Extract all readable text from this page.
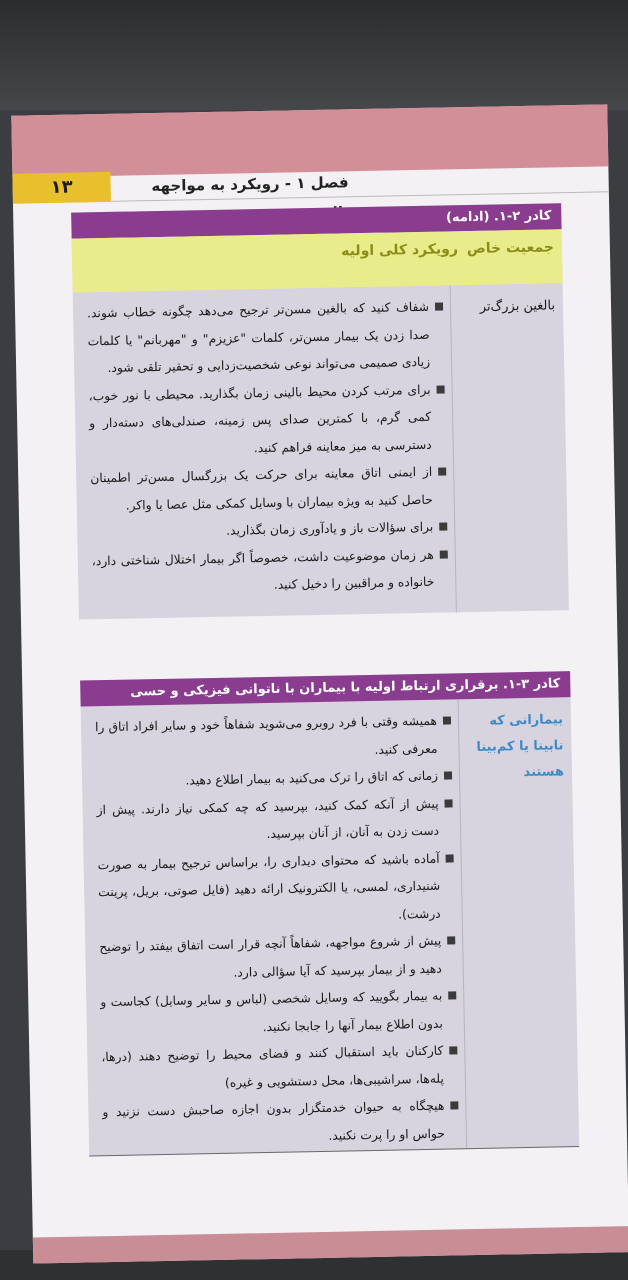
۱۳	فصل ۱ - رویکرد به مواجهه
کادر ۲-۱. (ادامه)
جمعیت خاص
رویکرد کلی اولیه
بالغین بزرگ‌تر
شفاف کنید که بالغین مسن‌تر ترجیح می‌دهد چگونه خطاب شوند. صدا زدن یک بیمار مسن‌تر، کلمات "عزیزم" و "مهربانم" یا کلمات زیادی صمیمی می‌تواند نوعی شخصیت‌زدایی و تحقیر تلقی شود.
برای مرتب کردن محیط بالینی زمان بگذارید. محیطی با نور خوب، کمی گرم، با کمترین صدای پس زمینه، صندلی‌های دسته‌دار و دسترسی به میز معاینه فراهم کنید.
از ایمنی اتاق معاینه برای حرکت یک بزرگسال مسن‌تر اطمینان حاصل کنید به ویژه بیماران با وسایل کمکی مثل عصا یا واکر.
برای سؤالات باز و یادآوری زمان بگذارید.
هر زمان موضوعیت داشت، خصوصاً اگر بیمار اختلال شناختی دارد، خانواده و مراقبین را دخیل کنید.
کادر ۳-۱. برقراری ارتباط اولیه با بیماران با ناتوانی فیزیکی و حسی
بیمارانی که نابینا یا کم‌بینا هستند
همیشه وقتی با فرد روبرو می‌شوید شفاهاً خود و سایر افراد اتاق را معرفی کنید.
زمانی که اتاق را ترک می‌کنید به بیمار اطلاع دهید.
پیش از آنکه کمک کنید، بپرسید که چه کمکی نیاز دارند. پیش از دست زدن به آنان، از آنان بپرسید.
آماده باشید که محتوای دیداری را، براساس ترجیح بیمار به صورت شنیداری، لمسی، یا الکترونیک ارائه دهید (فایل صوتی، بریل، پرینت درشت).
پیش از شروع مواجهه، شفاهاً آنچه قرار است اتفاق بیفتد را توضیح دهید و از بیمار بپرسید که آیا سؤالی دارد.
به بیمار بگویید که وسایل شخصی (لباس و سایر وسایل) کجاست و بدون اطلاع بیمار آنها را جابجا نکنید.
کارکنان باید استقبال کنند و فضای محیط را توضیح دهند (درها، پله‌ها، سراشیبی‌ها، محل دستشویی و غیره)
هیچگاه به حیوان خدمتگزار بدون اجازه صاحبش دست نزنید و حواس او را پرت نکنید.
